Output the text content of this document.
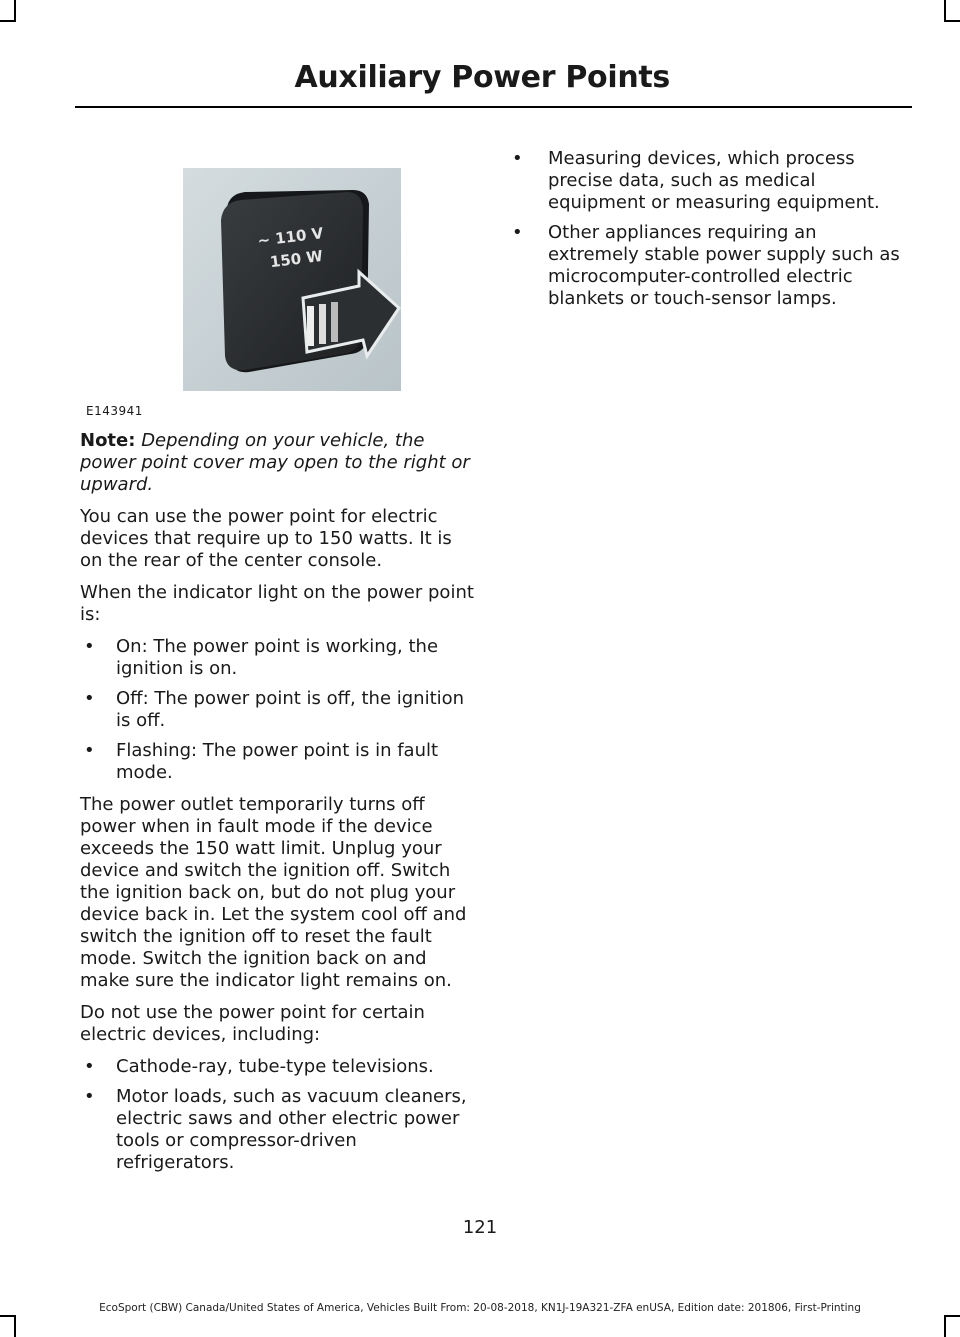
Auxiliary Power Points
~ 110 V
150 W
E143941

Note: Depending on your vehicle, the power point cover may open to the right or upward.

You can use the power point for electric devices that require up to 150 watts. It is on the rear of the center console.

When the indicator light on the power point is:

• On: The power point is working, the ignition is on.
• Off: The power point is off, the ignition is off.
• Flashing: The power point is in fault mode.

The power outlet temporarily turns off power when in fault mode if the device exceeds the 150 watt limit. Unplug your device and switch the ignition off. Switch the ignition back on, but do not plug your device back in. Let the system cool off and switch the ignition off to reset the fault mode. Switch the ignition back on and make sure the indicator light remains on.

Do not use the power point for certain electric devices, including:

• Cathode-ray, tube-type televisions.
• Motor loads, such as vacuum cleaners, electric saws and other electric power tools or compressor-driven refrigerators.
• Measuring devices, which process precise data, such as medical equipment or measuring equipment.
• Other appliances requiring an extremely stable power supply such as microcomputer-controlled electric blankets or touch-sensor lamps.
121
EcoSport (CBW) Canada/United States of America, Vehicles Built From: 20-08-2018, KN1J-19A321-ZFA enUSA, Edition date: 201806, First-Printing
